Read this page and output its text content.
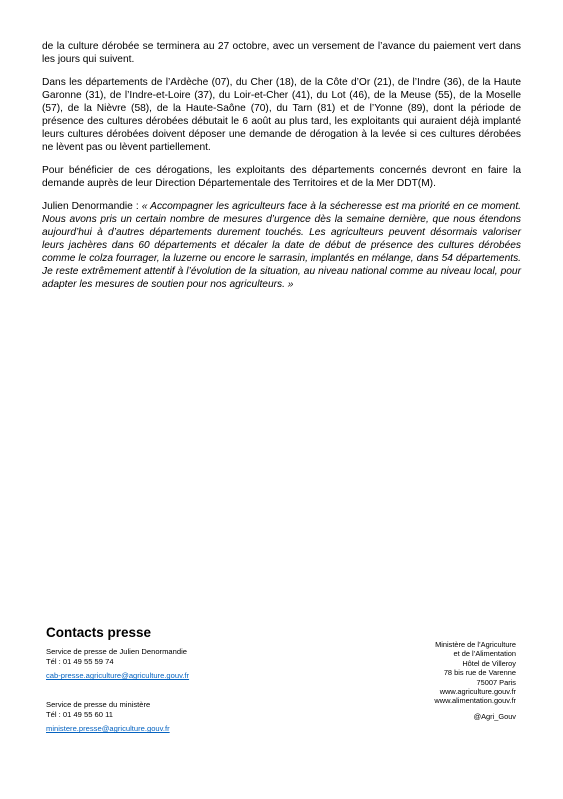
de la culture dérobée se terminera au 27 octobre, avec un versement de l’avance du paiement vert dans les jours qui suivent.

Dans les départements de l’Ardèche (07), du Cher (18), de la Côte d’Or (21), de l’Indre (36), de la Haute Garonne (31), de l’Indre-et-Loire (37), du Loir-et-Cher (41), du Lot (46), de la Meuse (55), de la Moselle (57), de la Nièvre (58), de la Haute-Saône (70), du Tarn (81) et de l’Yonne (89), dont la période de présence des cultures dérobées débutait le 6 août au plus tard, les exploitants qui auraient déjà implanté leurs cultures dérobées doivent déposer une demande de dérogation à la levée si ces cultures dérobées ne lèvent pas ou lèvent partiellement.

Pour bénéficier de ces dérogations, les exploitants des départements concernés devront en faire la demande auprès de leur Direction Départementale des Territoires et de la Mer DDT(M).

Julien Denormandie : « Accompagner les agriculteurs face à la sécheresse est ma priorité en ce moment. Nous avons pris un certain nombre de mesures d’urgence dès la semaine dernière, que nous étendons aujourd’hui à d’autres départements durement touchés. Les agriculteurs peuvent désormais valoriser leurs jachères dans 60 départements et décaler la date de début de présence des cultures dérobées comme le colza fourrager, la luzerne ou encore le sarrasin, implantés en mélange, dans 54 départements. Je reste extrêmement attentif à l’évolution de la situation, au niveau national comme au niveau local, pour adapter les mesures de soutien pour nos agriculteurs. »

Contacts presse
Service de presse de Julien Denormandie
Tél : 01 49 55 59 74
cab-presse.agriculture@agriculture.gouv.fr
Service de presse du ministère
Tél : 01 49 55 60 11
ministere.presse@agriculture.gouv.fr
Ministère de l’Agriculture
et de l’Alimentation
Hôtel de Villeroy
78 bis rue de Varenne
75007 Paris
www.agriculture.gouv.fr
www.alimentation.gouv.fr
@Agri_Gouv
